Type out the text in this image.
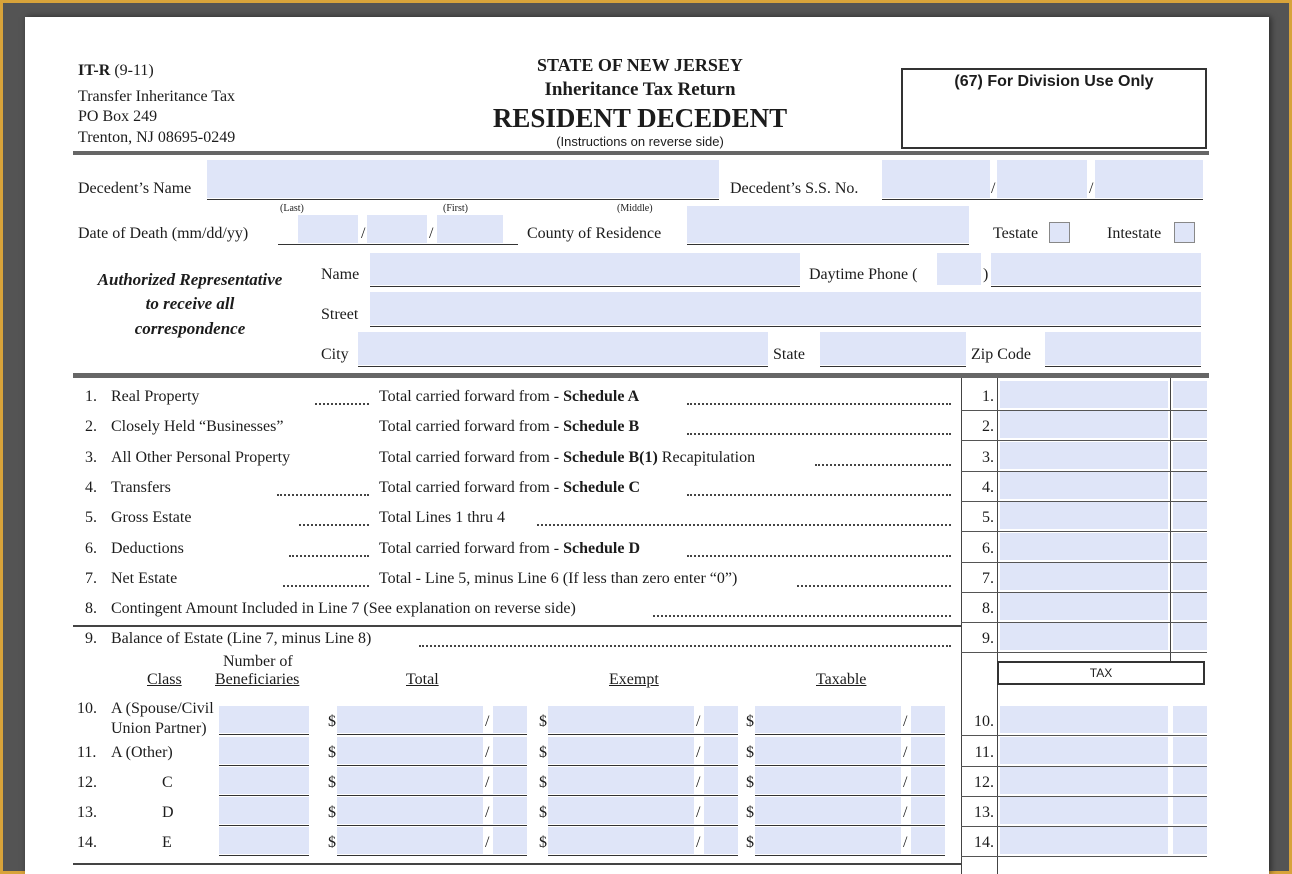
IT-R (9-11)
Transfer Inheritance Tax
PO Box 249
Trenton, NJ 08695-0249
STATE OF NEW JERSEY
Inheritance Tax Return
RESIDENT DECEDENT
(Instructions on reverse side)
(67) For Division Use Only
Decedent’s Name
(Last)	(First)	(Middle)
Decedent’s S.S. No.	/	/
Date of Death (mm/dd/yy)	/	/	County of Residence	Testate	Intestate
Authorized Representative
to receive all
correspondence
Name	Daytime Phone (	)
Street
City	State	Zip Code
1. Real Property	Total carried forward from - Schedule A	1.
2. Closely Held “Businesses”	Total carried forward from - Schedule B	2.
3. All Other Personal Property	Total carried forward from - Schedule B(1) Recapitulation	3.
4. Transfers	Total carried forward from - Schedule C	4.
5. Gross Estate	Total Lines 1 thru 4	5.
6. Deductions	Total carried forward from - Schedule D	6.
7. Net Estate	Total - Line 5, minus Line 6 (If less than zero enter “0”)	7.
8. Contingent Amount Included in Line 7 (See explanation on reverse side)	8.
9. Balance of Estate (Line 7, minus Line 8)	9.
Class
Number of
Beneficiaries	Total	Exempt	Taxable	TAX
10. A (Spouse/Civil
Union Partner)	$	/	$	/	$	/	10.
11. A (Other)	$	/	$	/	$	/	11.
12.	C	$	/	$	/	$	/	12.
13.	D	$	/	$	/	$	/	13.
14.	E	$	/	$	/	$	/	14.
